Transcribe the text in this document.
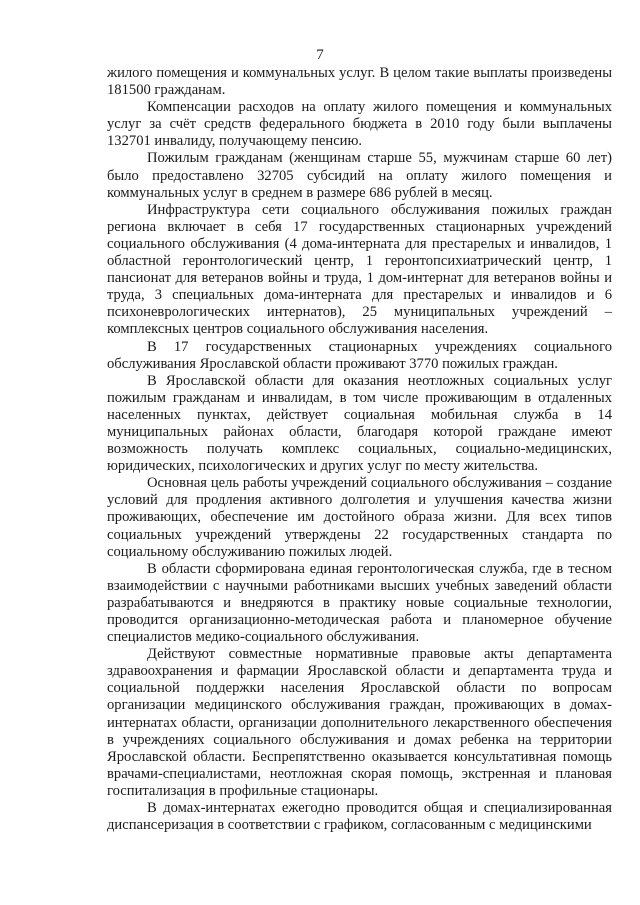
7

жилого помещения и коммунальных услуг. В целом такие выплаты произведены 181500 гражданам.

Компенсации расходов на оплату жилого помещения и коммунальных услуг за счёт средств федерального бюджета в 2010 году были выплачены 132701 инвалиду, получающему пенсию.

Пожилым гражданам (женщинам старше 55, мужчинам старше 60 лет) было предоставлено 32705 субсидий на оплату жилого помещения и коммунальных услуг в среднем в размере 686 рублей в месяц.

Инфраструктура сети социального обслуживания пожилых граждан региона включает в себя 17 государственных стационарных учреждений социального обслуживания (4 дома-интерната для престарелых и инвалидов, 1 областной геронтологический центр, 1 геронтопсихиатрический центр, 1 пансионат для ветеранов войны и труда, 1 дом-интернат для ветеранов войны и труда, 3 специальных дома-интерната для престарелых и инвалидов и 6 психоневрологических интернатов), 25 муниципальных учреждений – комплексных центров социального обслуживания населения.

В 17 государственных стационарных учреждениях социального обслуживания Ярославской области проживают 3770 пожилых граждан.

В Ярославской области для оказания неотложных социальных услуг пожилым гражданам и инвалидам, в том числе проживающим в отдаленных населенных пунктах, действует социальная мобильная служба в 14 муниципальных районах области, благодаря которой граждане имеют возможность получать комплекс социальных, социально-медицинских, юридических, психологических и других услуг по месту жительства.

Основная цель работы учреждений социального обслуживания – создание условий для продления активного долголетия и улучшения качества жизни проживающих, обеспечение им достойного образа жизни. Для всех типов социальных учреждений утверждены 22 государственных стандарта по социальному обслуживанию пожилых людей.

В области сформирована единая геронтологическая служба, где в тесном взаимодействии с научными работниками высших учебных заведений области разрабатываются и внедряются в практику новые социальные технологии, проводится организационно-методическая работа и планомерное обучение специалистов медико-социального обслуживания.

Действуют совместные нормативные правовые акты департамента здравоохранения и фармации Ярославской области и департамента труда и социальной поддержки населения Ярославской области по вопросам организации медицинского обслуживания граждан, проживающих в домах-интернатах области, организации дополнительного лекарственного обеспечения в учреждениях социального обслуживания и домах ребенка на территории Ярославской области. Беспрепятственно оказывается консультативная помощь врачами-специалистами, неотложная скорая помощь, экстренная и плановая госпитализация в профильные стационары.

В домах-интернатах ежегодно проводится общая и специализированная диспансеризация в соответствии с графиком, согласованным с медицинскими
